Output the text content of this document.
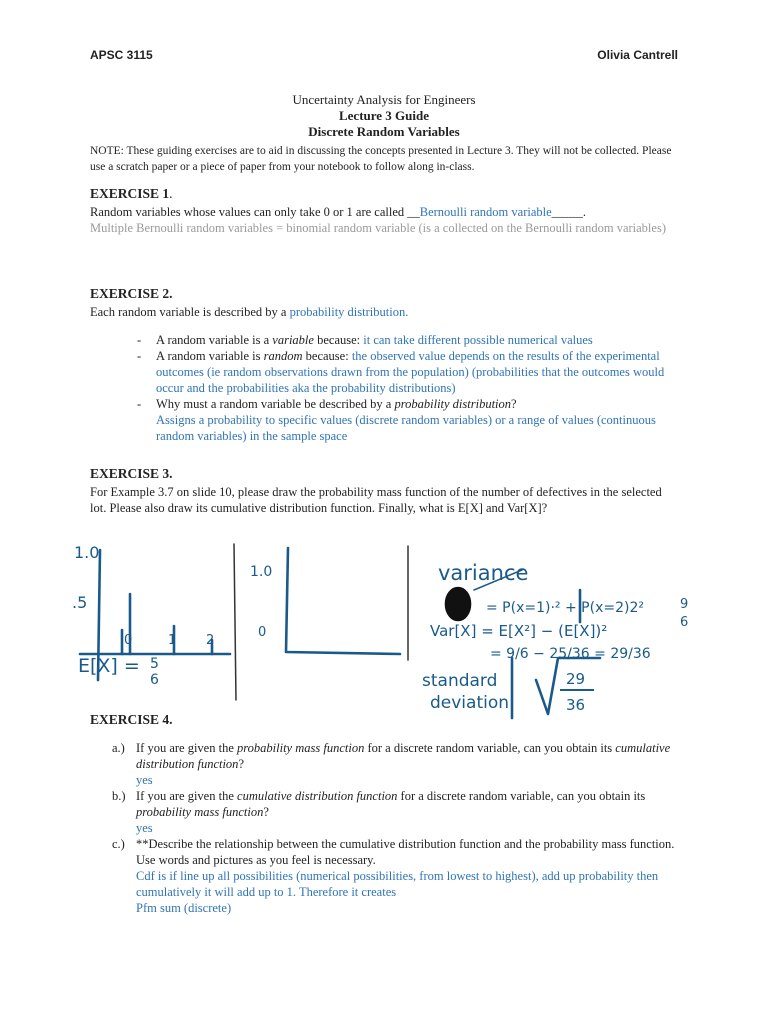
APSC 3115	Olivia Cantrell
Uncertainty Analysis for Engineers
Lecture 3 Guide
Discrete Random Variables
NOTE: These guiding exercises are to aid in discussing the concepts presented in Lecture 3. They will not be collected. Please use a scratch paper or a piece of paper from your notebook to follow along in-class.
EXERCISE 1.
Random variables whose values can only take 0 or 1 are called __Bernoulli random variable_____.
Multiple Bernoulli random variables = binomial random variable (is a collected on the Bernoulli random variables)
EXERCISE 2.
Each random variable is described by a probability distribution.
- A random variable is a variable because: it can take different possible numerical values
- A random variable is random because: the observed value depends on the results of the experimental outcomes (ie random observations drawn from the population) (probabilities that the outcomes would occur and the probabilities aka the probability distributions)
- Why must a random variable be described by a probability distribution?
Assigns a probability to specific values (discrete random variables) or a range of values (continuous random variables) in the sample space
EXERCISE 3.
For Example 3.7 on slide 10, please draw the probability mass function of the number of defectives in the selected lot. Please also draw its cumulative distribution function. Finally, what is E[X] and Var[X]?
1.0
.5
0	1 2
E[X] = 5
6
1.0
0
variance
= P(x=1)·² + P(x=2)2²	9
6
Var[X] = E[X²] − (E[X])²
= 9/6 − 25/36 = 29/36
standard
deviation
29
36
EXERCISE 4.
a.) If you are given the probability mass function for a discrete random variable, can you obtain its cumulative distribution function?
yes
b.) If you are given the cumulative distribution function for a discrete random variable, can you obtain its probability mass function?
yes
c.) **Describe the relationship between the cumulative distribution function and the probability mass function. Use words and pictures as you feel is necessary.
Cdf is if line up all possibilities (numerical possibilities, from lowest to highest), add up probability then cumulatively it will add up to 1. Therefore it creates
Pfm sum (discrete)
